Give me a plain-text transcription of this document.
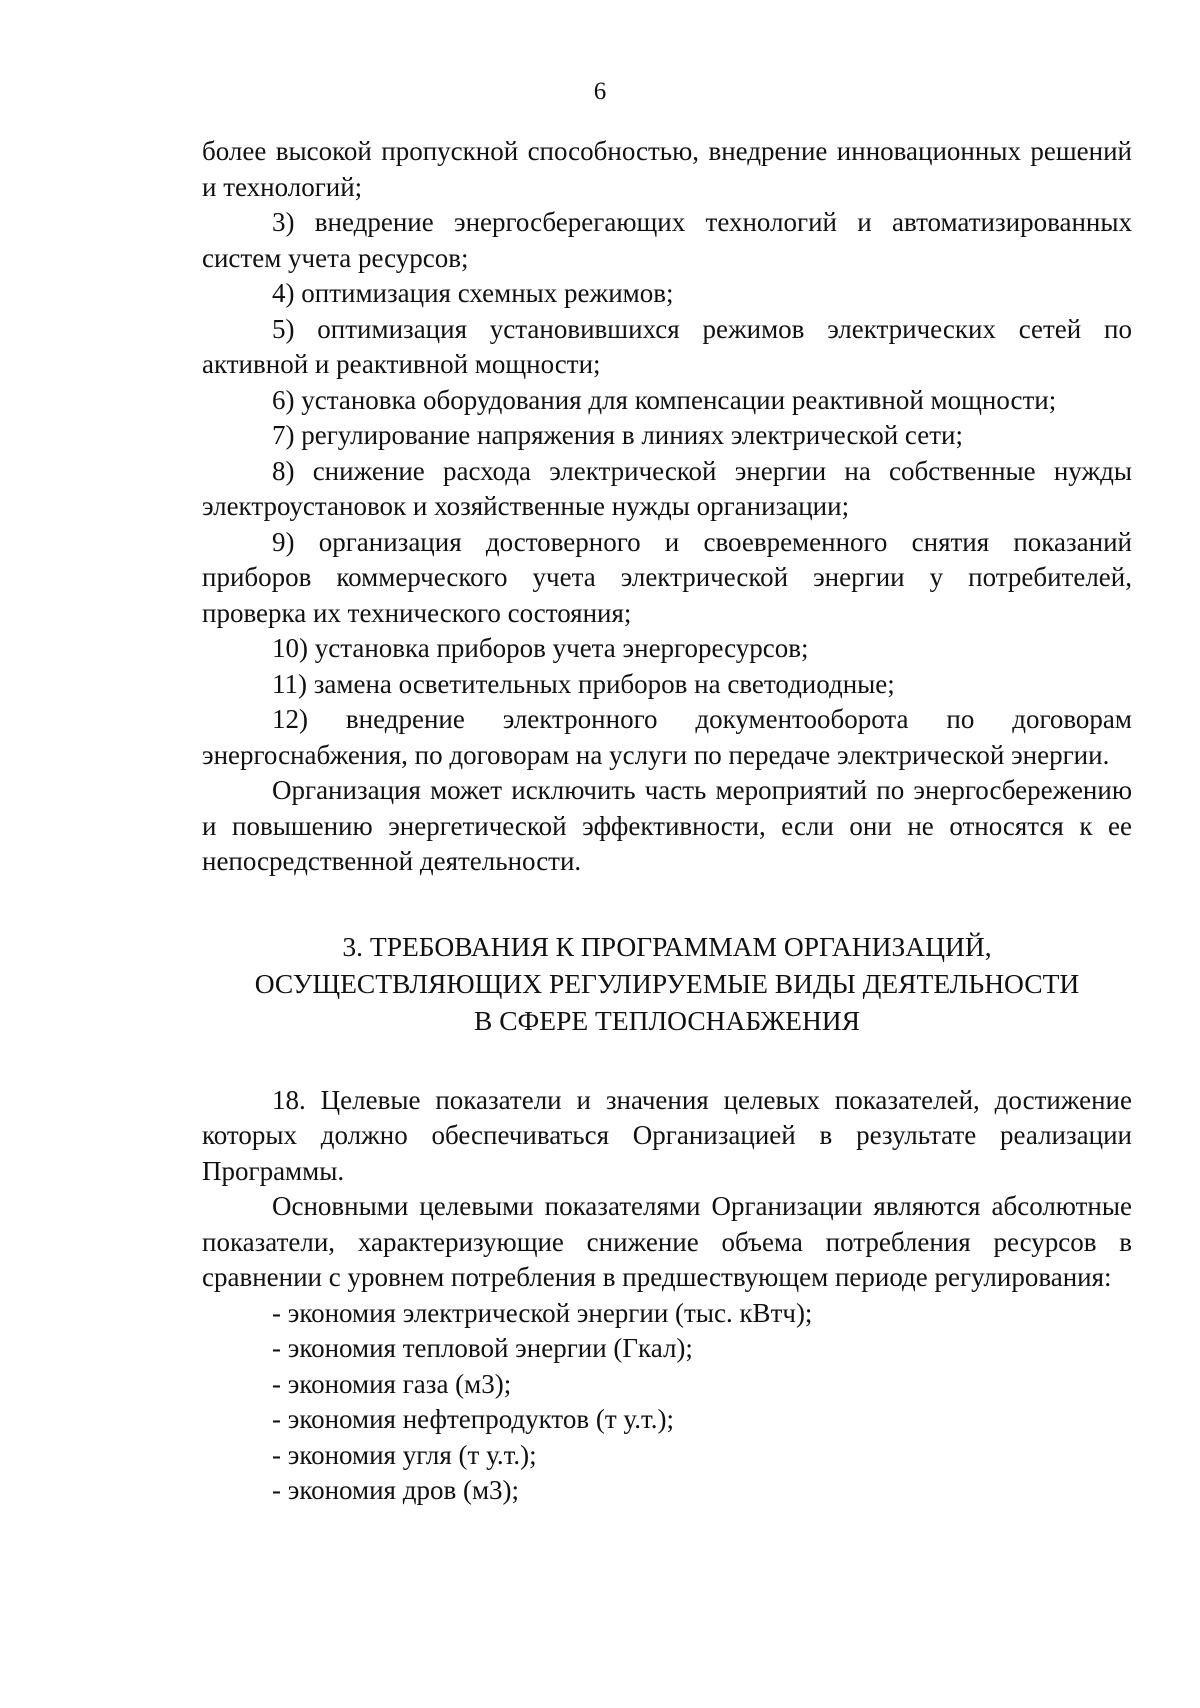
6

более высокой пропускной способностью, внедрение инновационных решений и технологий;

3) внедрение энергосберегающих технологий и автоматизированных систем учета ресурсов;

4) оптимизация схемных режимов;

5) оптимизация установившихся режимов электрических сетей по активной и реактивной мощности;

6) установка оборудования для компенсации реактивной мощности;

7) регулирование напряжения в линиях электрической сети;

8) снижение расхода электрической энергии на собственные нужды электроустановок и хозяйственные нужды организации;

9) организация достоверного и своевременного снятия показаний приборов коммерческого учета электрической энергии у потребителей, проверка их технического состояния;

10) установка приборов учета энергоресурсов;

11) замена осветительных приборов на светодиодные;

12) внедрение электронного документооборота по договорам энергоснабжения, по договорам на услуги по передаче электрической энергии.

Организация может исключить часть мероприятий по энергосбережению и повышению энергетической эффективности, если они не относятся к ее непосредственной деятельности.

3. ТРЕБОВАНИЯ К ПРОГРАММАМ ОРГАНИЗАЦИЙ,
ОСУЩЕСТВЛЯЮЩИХ РЕГУЛИРУЕМЫЕ ВИДЫ ДЕЯТЕЛЬНОСТИ
В СФЕРЕ ТЕПЛОСНАБЖЕНИЯ

18. Целевые показатели и значения целевых показателей, достижение которых должно обеспечиваться Организацией в результате реализации Программы.

Основными целевыми показателями Организации являются абсолютные показатели, характеризующие снижение объема потребления ресурсов в сравнении с уровнем потребления в предшествующем периоде регулирования:

- экономия электрической энергии (тыс. кВтч);

- экономия тепловой энергии (Гкал);

- экономия газа (м3);

- экономия нефтепродуктов (т у.т.);

- экономия угля (т у.т.);

- экономия дров (м3);
